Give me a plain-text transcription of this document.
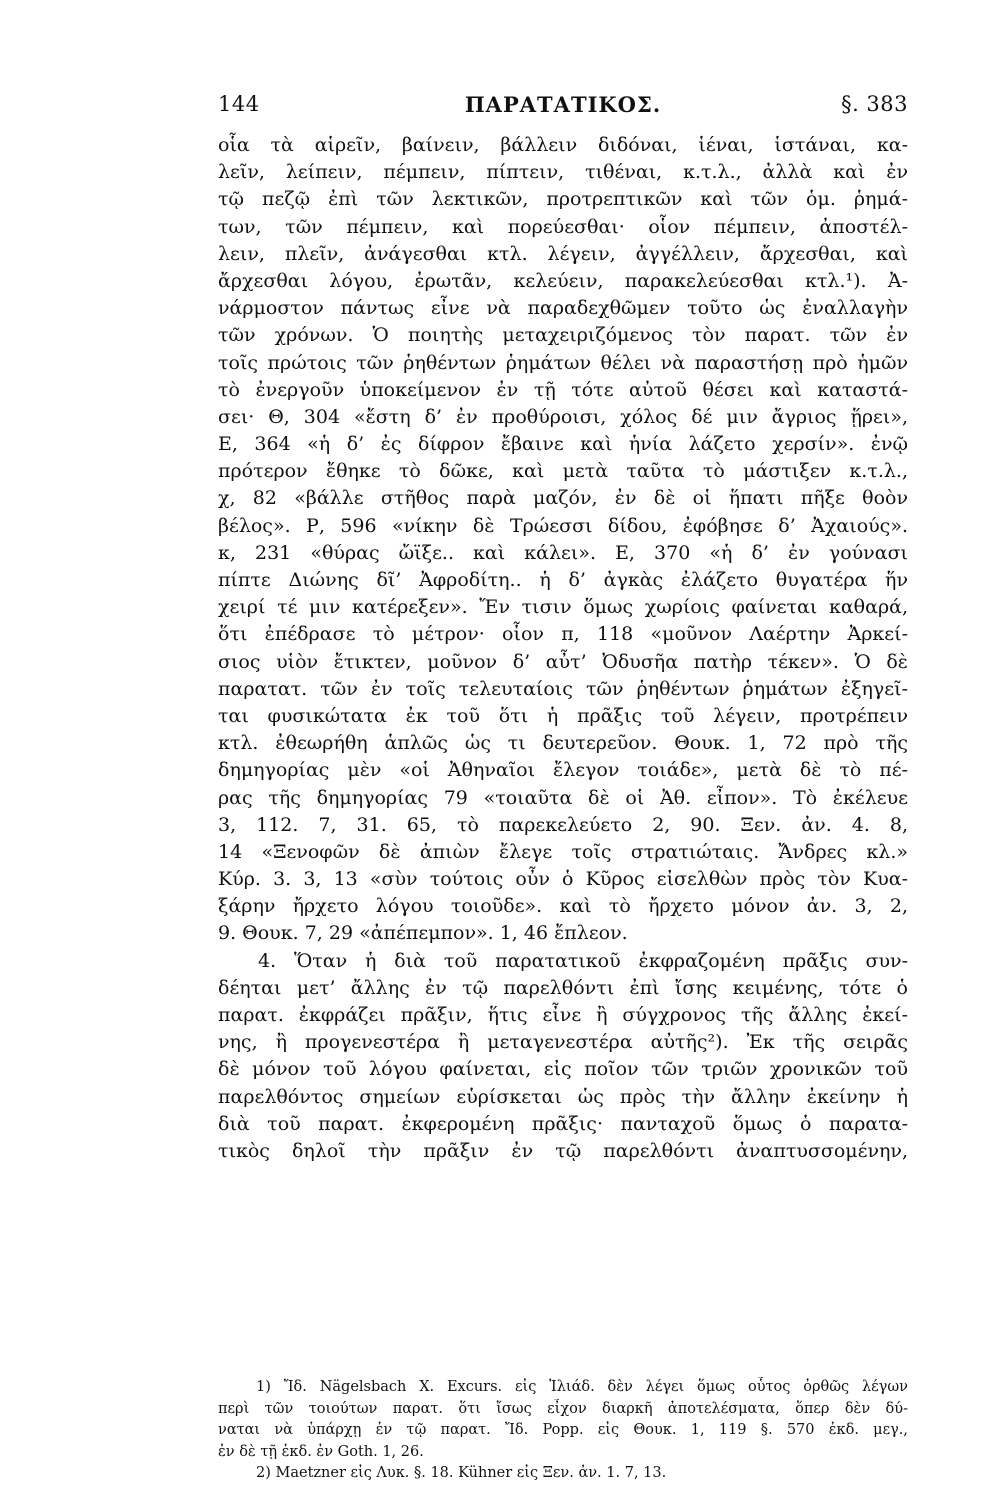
144	ΠΑΡΑΤΑΤΙΚΟΣ.	§. 383
οἷα τὰ αἱρεῖν, βαίνειν, βάλλειν διδόναι, ἱέναι, ἱστάναι, κα-
λεῖν, λείπειν, πέμπειν, πίπτειν, τιθέναι, κ.τ.λ., ἀλλὰ καὶ ἐν
τῷ πεζῷ ἐπὶ τῶν λεκτικῶν, προτρεπτικῶν καὶ τῶν ὁμ. ῥημά-
των, τῶν πέμπειν, καὶ πορεύεσθαι· οἷον πέμπειν, ἀποστέλ-
λειν, πλεῖν, ἀνάγεσθαι κτλ. λέγειν, ἀγγέλλειν, ἄρχεσθαι, καὶ
ἄρχεσθαι λόγου, ἐρωτᾶν, κελεύειν, παρακελεύεσθαι κτλ.¹). Ἀ-
νάρμοστον πάντως εἶνε νὰ παραδεχθῶμεν τοῦτο ὡς ἐναλλαγὴν
τῶν χρόνων. Ὁ ποιητὴς μεταχειριζόμενος τὸν παρατ. τῶν ἐν
τοῖς πρώτοις τῶν ῥηθέντων ῥημάτων θέλει νὰ παραστήσῃ πρὸ ἡμῶν
τὸ ἐνεργοῦν ὑποκείμενον ἐν τῇ τότε αὐτοῦ θέσει καὶ καταστά-
σει· Θ, 304 «ἔστη δ’ ἐν προθύροισι, χόλος δέ μιν ἄγριος ᾕρει»,
Ε, 364 «ἡ δ’ ἐς δίφρον ἔβαινε καὶ ἡνία λάζετο χερσίν». ἐνῷ
πρότερον ἔθηκε τὸ δῶκε, καὶ μετὰ ταῦτα τὸ μάστιξεν κ.τ.λ.,
χ, 82 «βάλλε στῆθος παρὰ μαζόν, ἐν δὲ οἱ ἥπατι πῆξε θοὸν
βέλος». Ρ, 596 «νίκην δὲ Τρώεσσι δίδου, ἐφόβησε δ’ Ἀχαιούς».
κ, 231 «θύρας ὤϊξε.. καὶ κάλει». Ε, 370 «ἡ δ’ ἐν γούνασι
πίπτε Διώνης δῖ’ Ἀφροδίτη.. ἡ δ’ ἀγκὰς ἐλάζετο θυγατέρα ἥν
χειρί τέ μιν κατέρεξεν». Ἔν τισιν ὅμως χωρίοις φαίνεται καθαρά,
ὅτι ἐπέδρασε τὸ μέτρον· οἷον π, 118 «μοῦνον Λαέρτην Ἀρκεί-
σιος υἱὸν ἔτικτεν, μοῦνον δ’ αὖτ’ Ὀδυσῆα πατὴρ τέκεν». Ὁ δὲ
παρατατ. τῶν ἐν τοῖς τελευταίοις τῶν ῥηθέντων ῥημάτων ἐξηγεῖ-
ται φυσικώτατα ἐκ τοῦ ὅτι ἡ πρᾶξις τοῦ λέγειν, προτρέπειν
κτλ. ἐθεωρήθη ἁπλῶς ὡς τι δευτερεῦον. Θουκ. 1, 72 πρὸ τῆς
δημηγορίας μὲν «οἱ Ἀθηναῖοι ἔλεγον τοιάδε», μετὰ δὲ τὸ πέ-
ρας τῆς δημηγορίας 79 «τοιαῦτα δὲ οἱ Ἀθ. εἶπον». Τὸ ἐκέλευε
3, 112. 7, 31. 65, τὸ παρεκελεύετο 2, 90. Ξεν. ἀν. 4. 8,
14 «Ξενοφῶν δὲ ἀπιὼν ἔλεγε τοῖς στρατιώταις. Ἄνδρες κλ.»
Κύρ. 3. 3, 13 «σὺν τούτοις οὖν ὁ Κῦρος εἰσελθὼν πρὸς τὸν Κυα-
ξάρην ἤρχετο λόγου τοιοῦδε». καὶ τὸ ἤρχετο μόνον ἀν. 3, 2,
9. Θουκ. 7, 29 «ἀπέπεμπον». 1, 46 ἔπλεον.
4. Ὅταν ἡ διὰ τοῦ παρατατικοῦ ἐκφραζομένη πρᾶξις συν-
δέηται μετ’ ἄλλης ἐν τῷ παρελθόντι ἐπὶ ἴσης κειμένης, τότε ὁ
παρατ. ἐκφράζει πρᾶξιν, ἥτις εἶνε ἢ σύγχρονος τῆς ἄλλης ἐκεί-
νης, ἢ προγενεστέρα ἢ μεταγενεστέρα αὐτῆς²). Ἐκ τῆς σειρᾶς
δὲ μόνον τοῦ λόγου φαίνεται, εἰς ποῖον τῶν τριῶν χρονικῶν τοῦ
παρελθόντος σημείων εὑρίσκεται ὡς πρὸς τὴν ἄλλην ἐκείνην ἡ
διὰ τοῦ παρατ. ἐκφερομένη πρᾶξις· πανταχοῦ ὅμως ὁ παρατα-
τικὸς δηλοῖ τὴν πρᾶξιν ἐν τῷ παρελθόντι ἀναπτυσσομένην,
1) Ἴδ. Nägelsbach X. Excurs. εἰς Ἰλιάδ. δὲν λέγει ὅμως οὗτος ὀρθῶς λέγων
περὶ τῶν τοιούτων παρατ. ὅτι ἴσως εἶχον διαρκῆ ἀποτελέσματα, ὅπερ δὲν δύ-
ναται νὰ ὑπάρχῃ ἐν τῷ παρατ. Ἴδ. Popp. εἰς Θουκ. 1, 119 §. 570 ἐκδ. μεγ.,
ἐν δὲ τῇ ἐκδ. ἐν Goth. 1, 26.
2) Maetzner εἰς Λυκ. §. 18. Kühner εἰς Ξεν. ἀν. 1. 7, 13.
